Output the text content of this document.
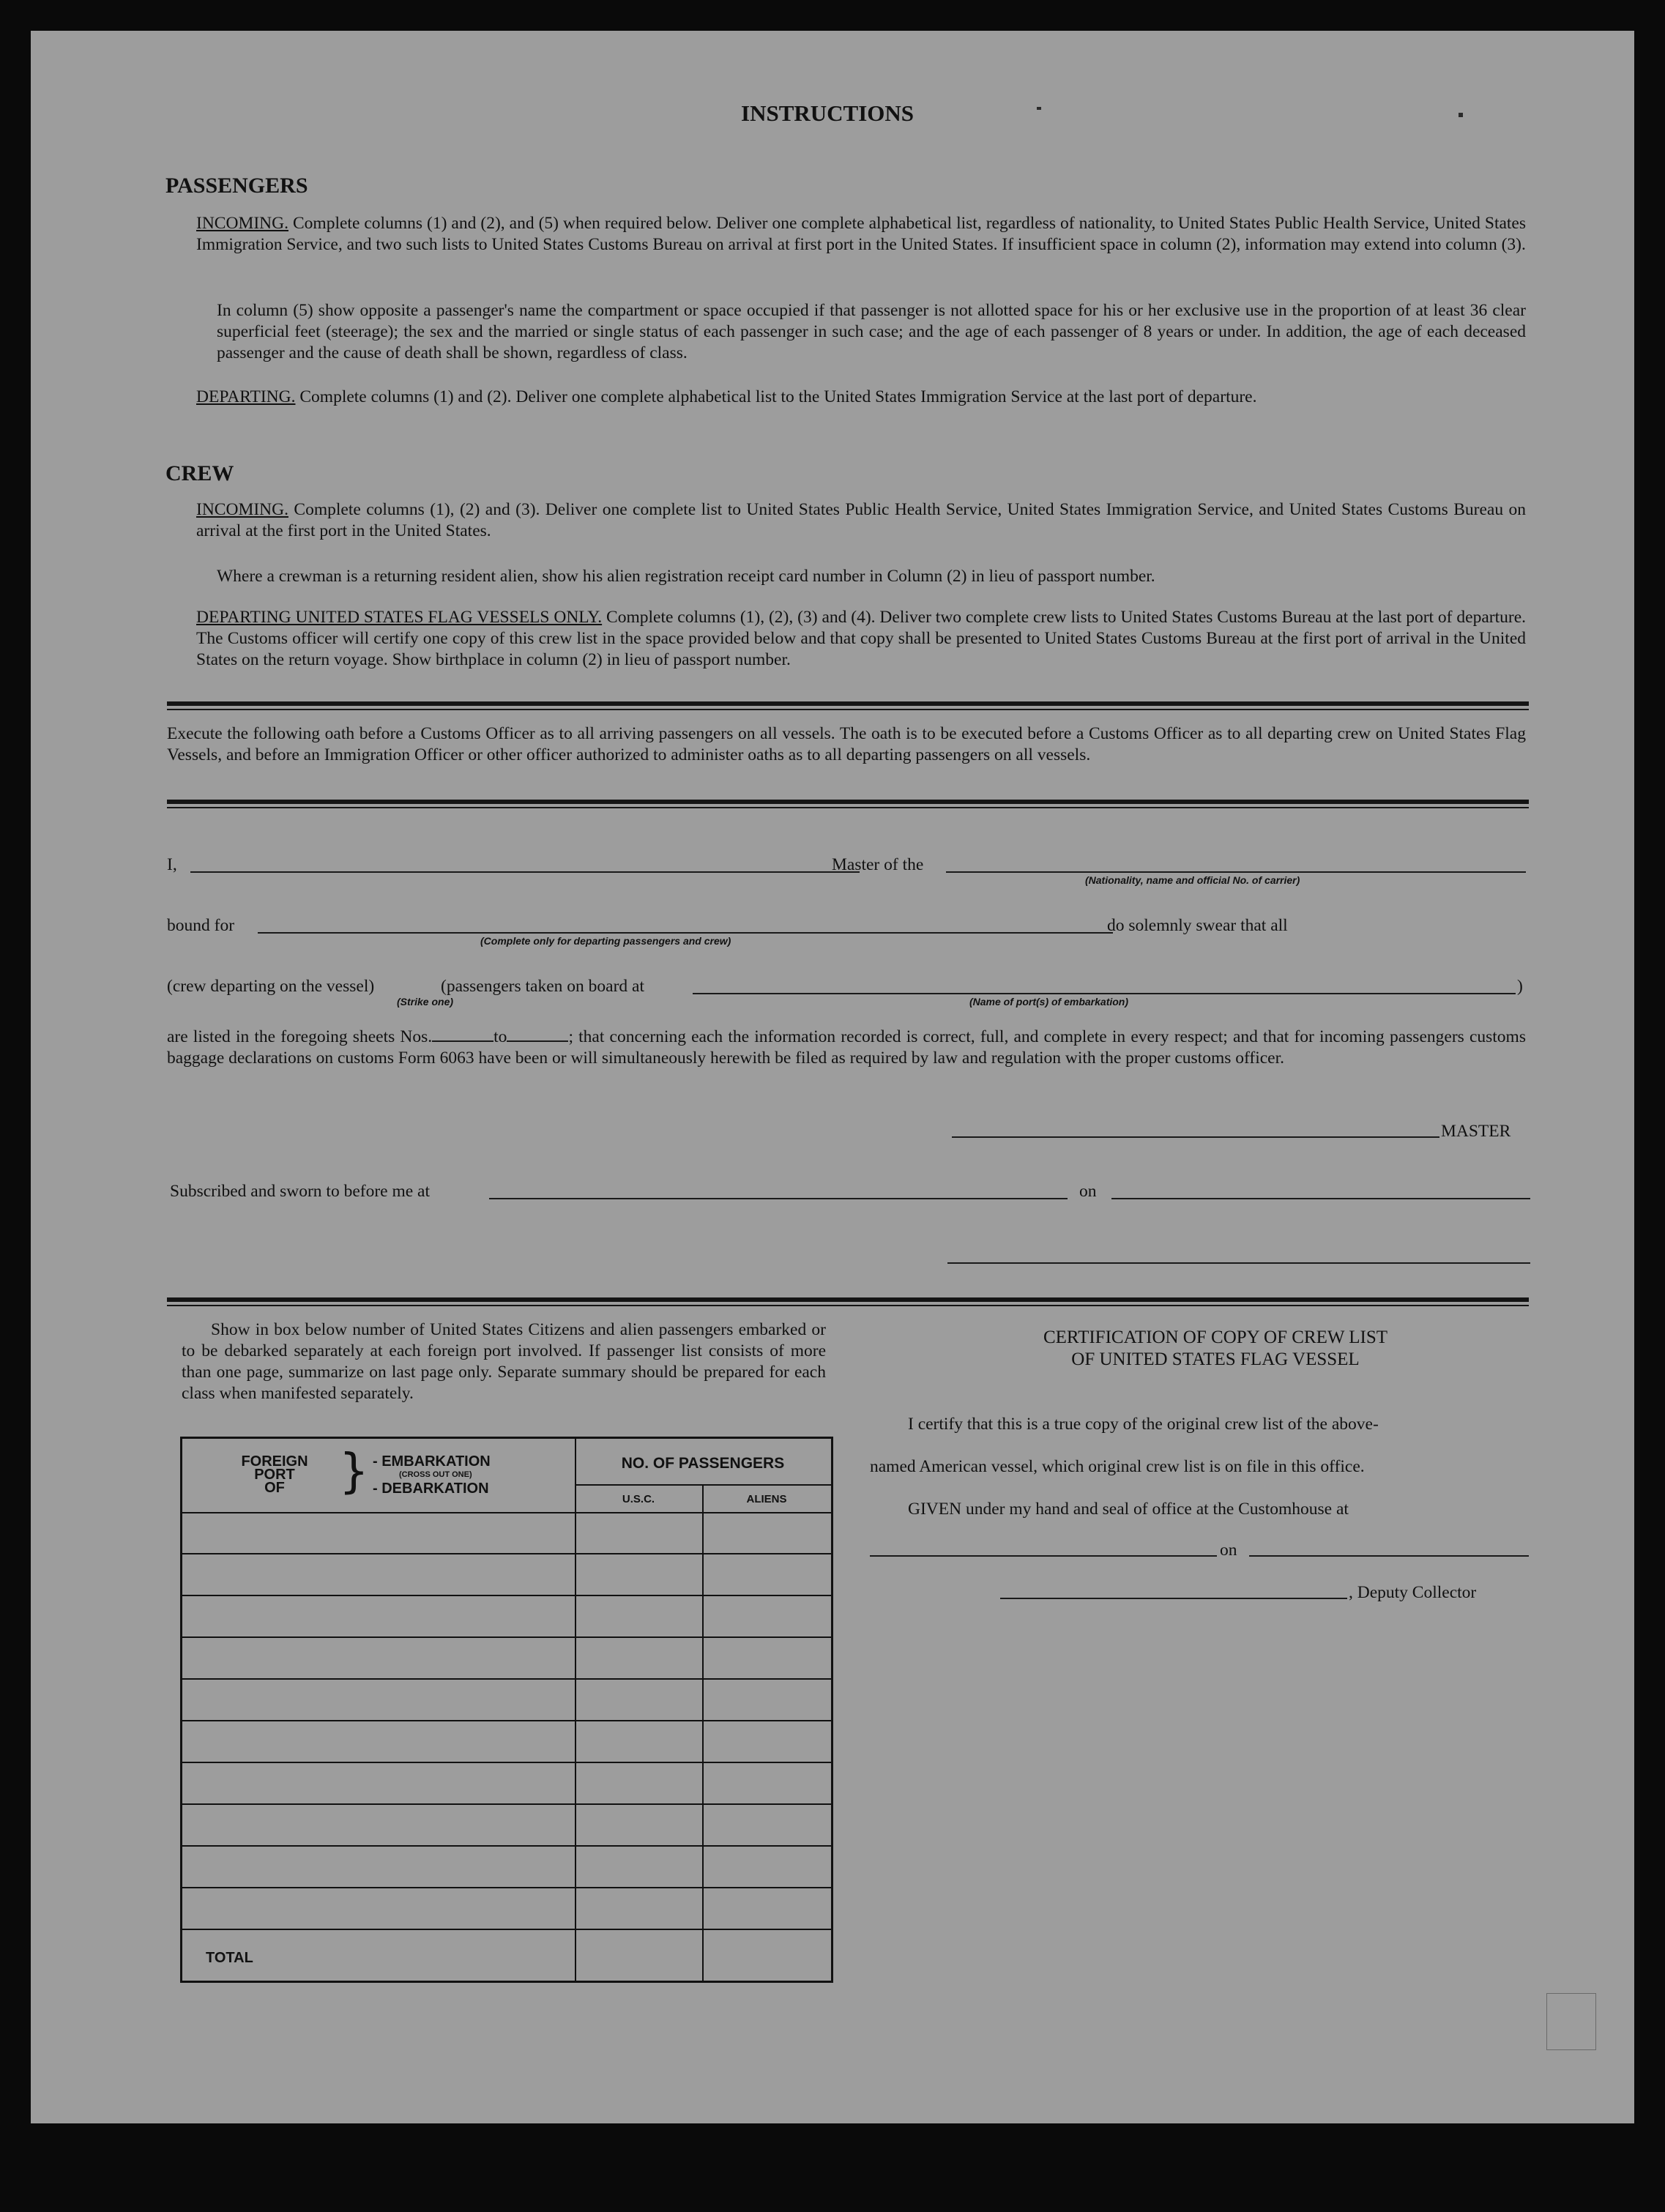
INSTRUCTIONS
PASSENGERS
INCOMING. Complete columns (1) and (2), and (5) when required below. Deliver one complete alphabetical list, regardless of nationality, to United States Public Health Service, United States Immigration Service, and two such lists to United States Customs Bureau on arrival at first port in the United States. If insufficient space in column (2), information may extend into column (3).
In column (5) show opposite a passenger's name the compartment or space occupied if that passenger is not allotted space for his or her exclusive use in the proportion of at least 36 clear superficial feet (steerage); the sex and the married or single status of each passenger in such case; and the age of each passenger of 8 years or under. In addition, the age of each deceased passenger and the cause of death shall be shown, regardless of class.
DEPARTING. Complete columns (1) and (2). Deliver one complete alphabetical list to the United States Immigration Service at the last port of departure.
CREW
INCOMING. Complete columns (1), (2) and (3). Deliver one complete list to United States Public Health Service, United States Immigration Service, and United States Customs Bureau on arrival at the first port in the United States.
Where a crewman is a returning resident alien, show his alien registration receipt card number in Column (2) in lieu of passport number.
DEPARTING UNITED STATES FLAG VESSELS ONLY. Complete columns (1), (2), (3) and (4). Deliver two complete crew lists to United States Customs Bureau at the last port of departure. The Customs officer will certify one copy of this crew list in the space provided below and that copy shall be presented to United States Customs Bureau at the first port of arrival in the United States on the return voyage. Show birthplace in column (2) in lieu of passport number.
Execute the following oath before a Customs Officer as to all arriving passengers on all vessels. The oath is to be executed before a Customs Officer as to all departing crew on United States Flag Vessels, and before an Immigration Officer or other officer authorized to administer oaths as to all departing passengers on all vessels.
I,	Master of the
(Nationality, name and official No. of carrier)
bound for
(Complete only for departing passengers and crew)
do solemnly swear that all
(crew departing on the vessel)	(passengers taken on board at	)
(Strike one)	(Name of port(s) of embarkation)
are listed in the foregoing sheets Nos.	to	; that concerning each the information recorded is correct, full, and complete in every respect; and that for incoming passengers customs baggage declarations on customs Form 6063 have been or will simultaneously herewith be filed as required by law and regulation with the proper customs officer.
MASTER
Subscribed and sworn to before me at	on
Show in box below number of United States Citizens and alien passengers embarked or to be debarked separately at each foreign port involved. If passenger list consists of more than one page, summarize on last page only. Separate summary should be prepared for each class when manifested separately.
FOREIGN
PORT
OF	} - EMBARKATION
(CROSS OUT ONE)
- DEBARKATION
NO. OF PASSENGERS
U.S.C.	ALIENS
TOTAL
CERTIFICATION OF COPY OF CREW LIST
OF UNITED STATES FLAG VESSEL
I certify that this is a true copy of the original crew list of the above-
named American vessel, which original crew list is on file in this office.
GIVEN under my hand and seal of office at the Customhouse at
on
, Deputy Collector
